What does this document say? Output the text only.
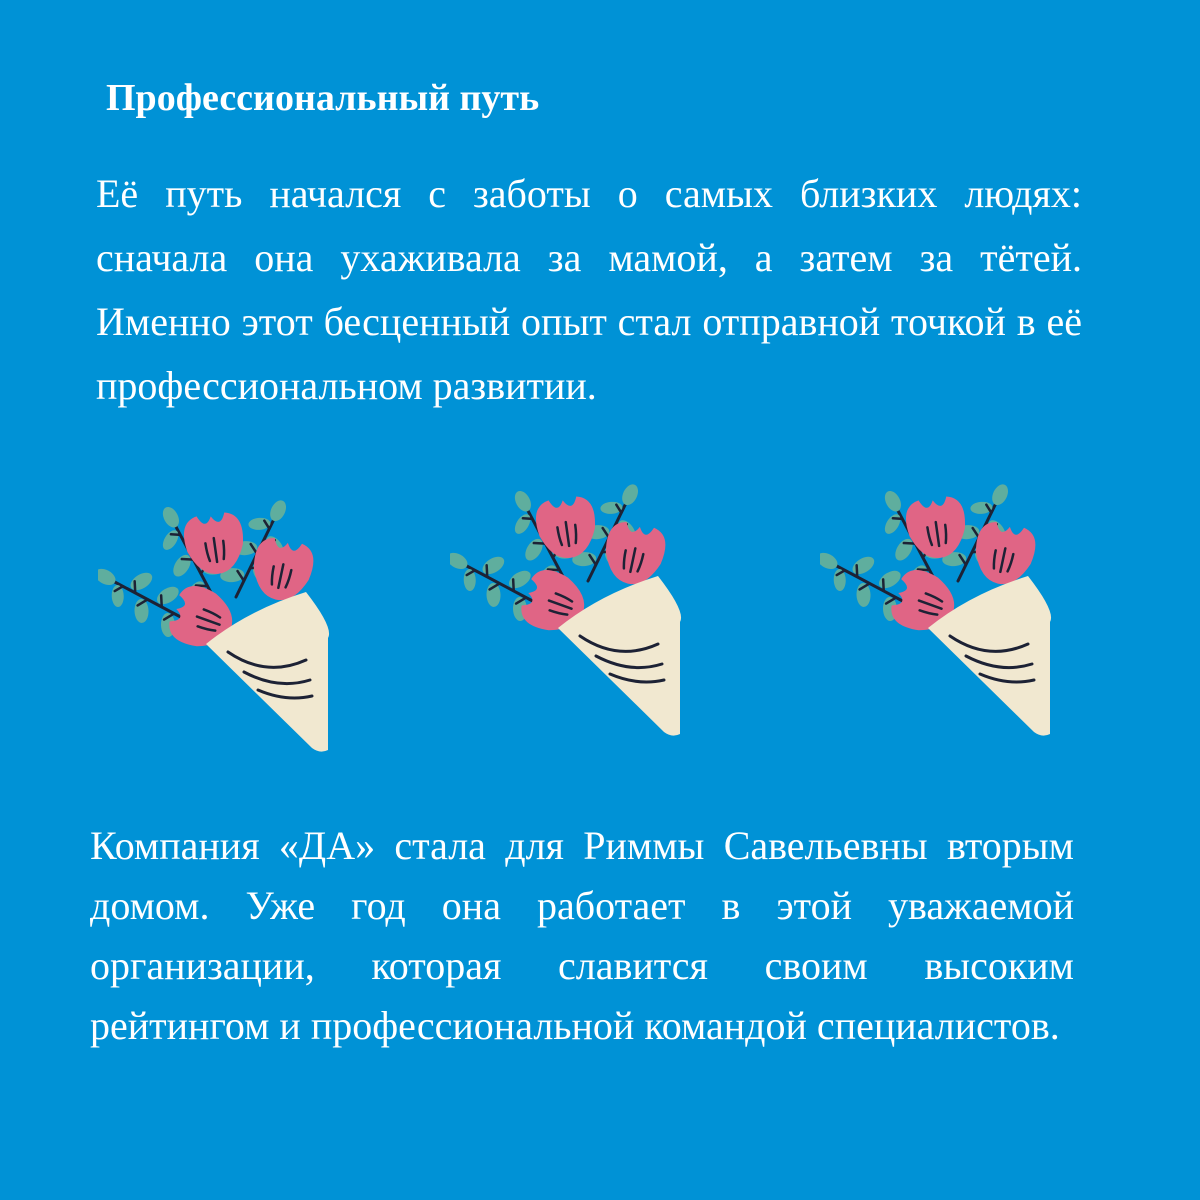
Профессиональный путь

Её путь начался с заботы о самых близких людях: сначала она ухаживала за мамой, а затем за тётей. Именно этот бесценный опыт стал отправной точкой в её профессиональном развитии.

Компания «ДА» стала для Риммы Савельевны вторым домом. Уже год она работает в этой уважаемой организации, которая славится своим высоким рейтингом и профессиональной командой специалистов.
